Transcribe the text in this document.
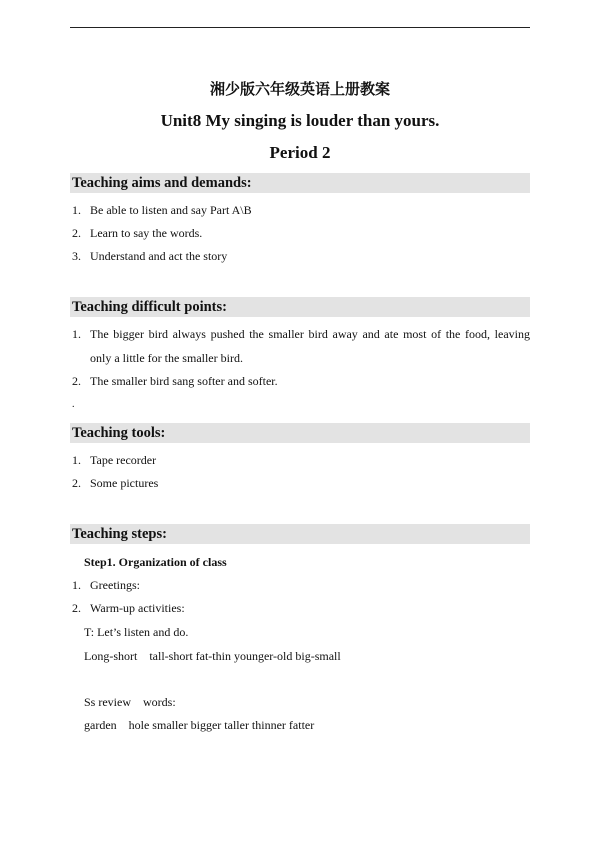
湘少版六年级英语上册教案
Unit8 My singing is louder than yours.
Period 2
Teaching aims and demands:
1. Be able to listen and say Part A\B
2. Learn to say the words.
3. Understand and act the story
Teaching difficult points:
1. The bigger bird always pushed the smaller bird away and ate most of the food, leaving
only a little for the smaller bird.
2. The smaller bird sang softer and softer.
.
Teaching tools:
1. Tape recorder
2. Some pictures
Teaching steps:
Step1. Organization of class
1. Greetings:
2. Warm-up activities:
T: Let’s listen and do.
Long-short    tall-short fat-thin younger-old big-small
Ss review    words:
garden    hole smaller bigger taller thinner fatter
